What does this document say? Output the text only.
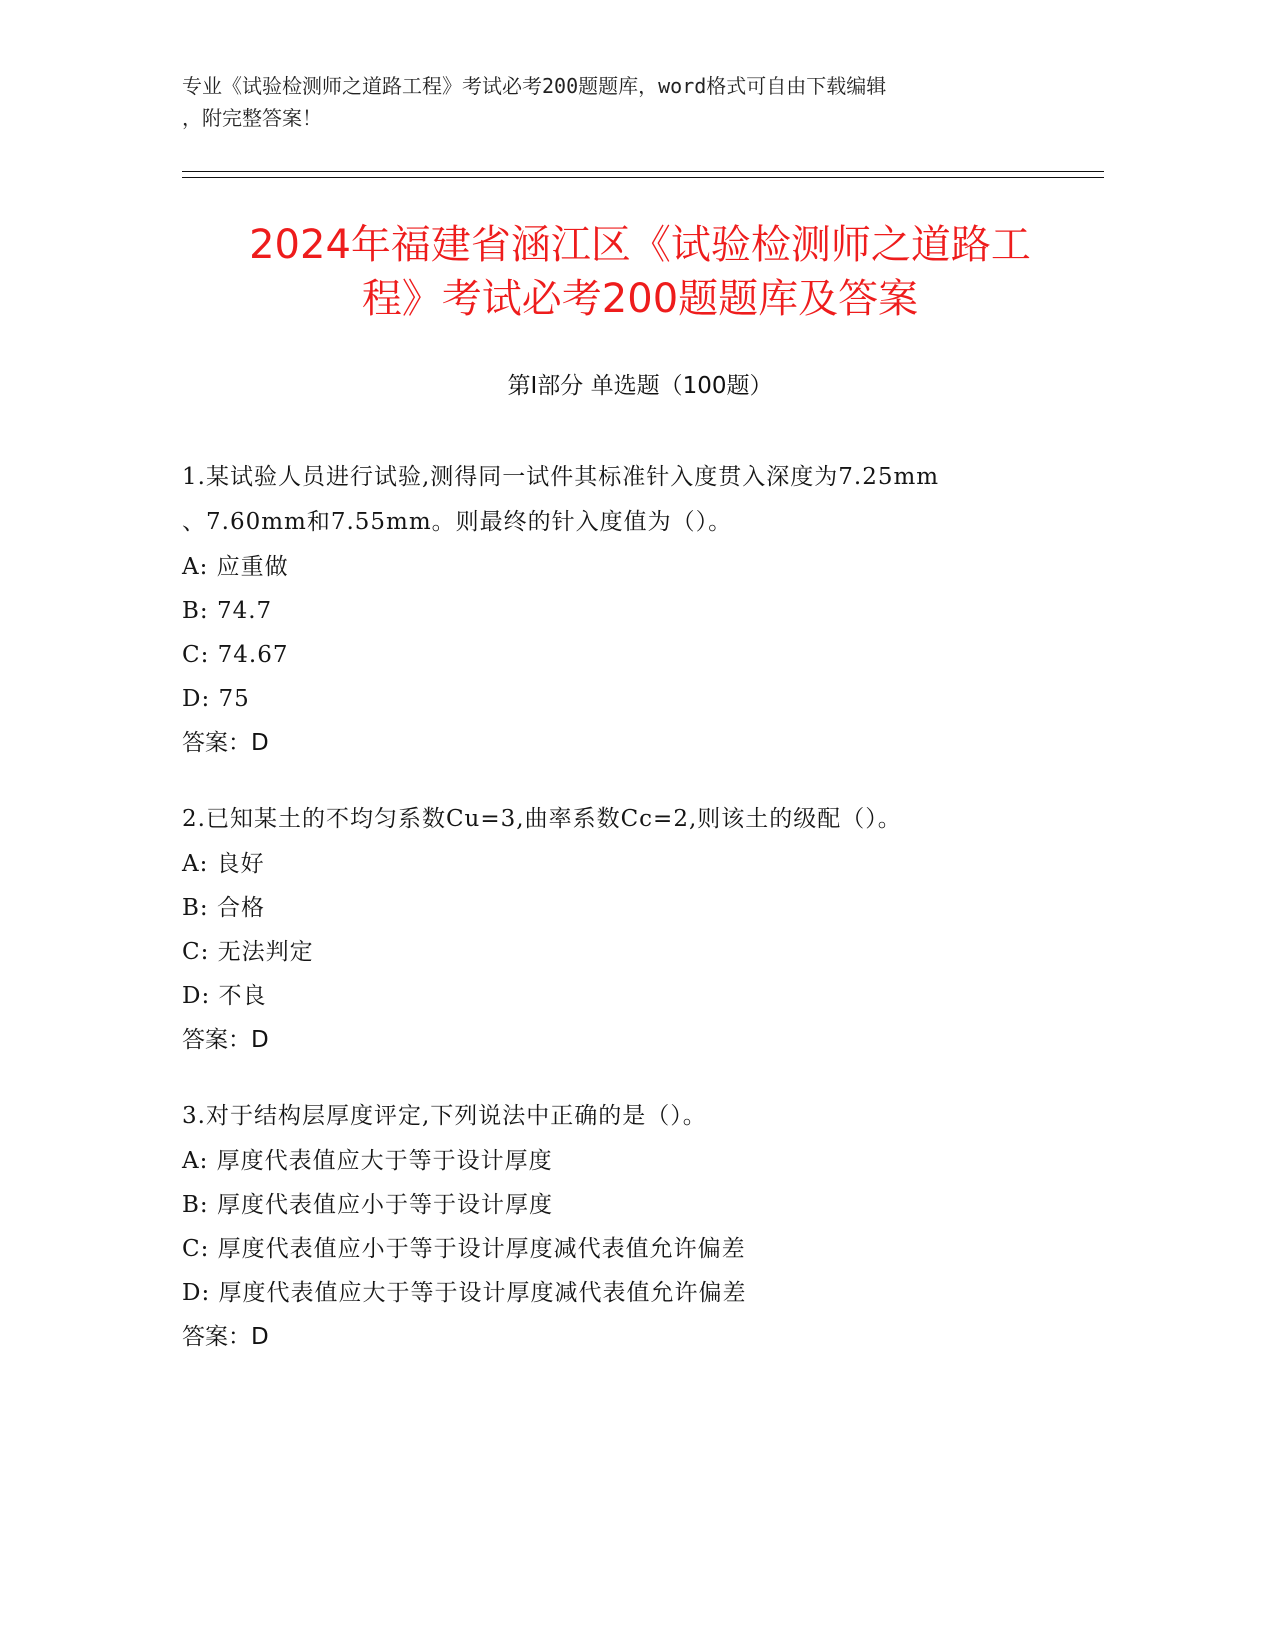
专业《试验检测师之道路工程》考试必考200题题库，word格式可自由下载编辑
，附完整答案！
2024年福建省涵江区《试验检测师之道路工
程》考试必考200题题库及答案
第Ⅰ部分 单选题（100题）

1.某试验人员进行试验,测得同一试件其标准针入度贯入深度为7.25mm

、7.60mm和7.55mm。则最终的针入度值为（）。

A: 应重做

B: 74.7

C: 74.67

D: 75

答案：D

2.已知某土的不均匀系数Cu=3,曲率系数Cc=2,则该土的级配（）。

A: 良好

B: 合格

C: 无法判定

D: 不良

答案：D

3.对于结构层厚度评定,下列说法中正确的是（）。

A: 厚度代表值应大于等于设计厚度

B: 厚度代表值应小于等于设计厚度

C: 厚度代表值应小于等于设计厚度减代表值允许偏差

D: 厚度代表值应大于等于设计厚度减代表值允许偏差

答案：D
